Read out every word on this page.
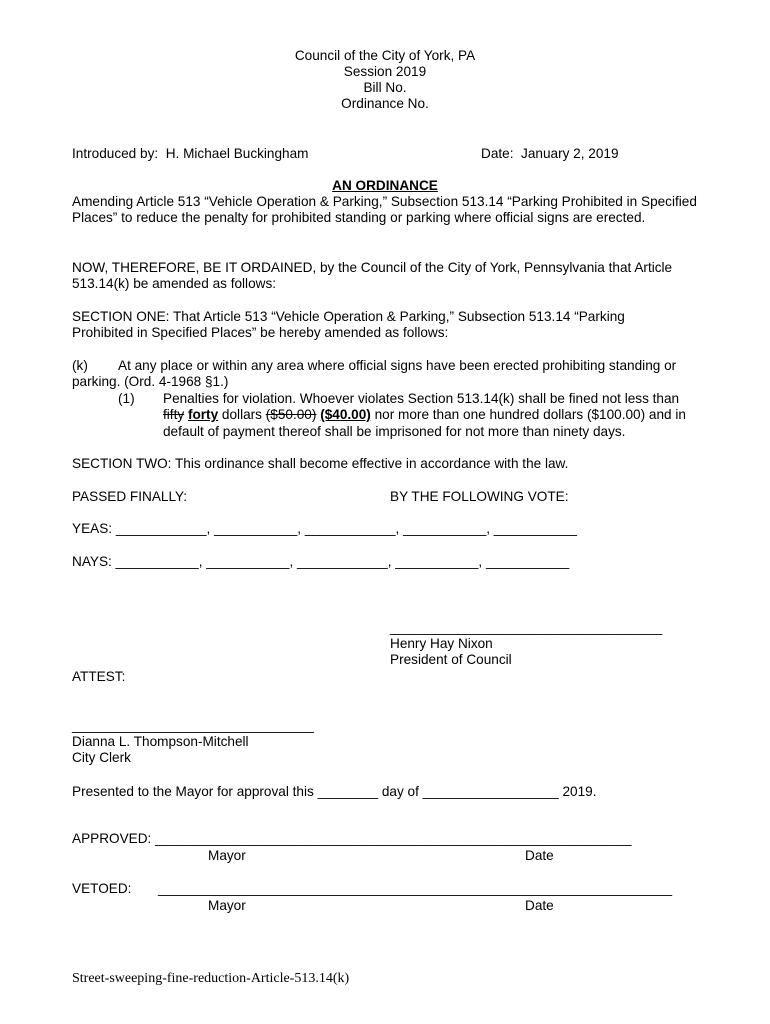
Council of the City of York, PA
Session 2019
Bill No.
Ordinance No.
Introduced by:  H. Michael Buckingham	Date:  January 2, 2019
AN ORDINANCE
Amending Article 513 “Vehicle Operation & Parking,” Subsection 513.14 “Parking Prohibited in Specified Places” to reduce the penalty for prohibited standing or parking where official signs are erected.
NOW, THEREFORE, BE IT ORDAINED, by the Council of the City of York, Pennsylvania that Article 513.14(k) be amended as follows:
SECTION ONE: That Article 513 “Vehicle Operation & Parking,” Subsection 513.14 “Parking Prohibited in Specified Places” be hereby amended as follows:
(k) At any place or within any area where official signs have been erected prohibiting standing or
parking. (Ord. 4-1968 §1.)
(1) Penalties for violation. Whoever violates Section 513.14(k) shall be fined not less than
fifty forty dollars ($50.00) ($40.00) nor more than one hundred dollars ($100.00) and in
default of payment thereof shall be imprisoned for not more than ninety days.
SECTION TWO: This ordinance shall become effective in accordance with the law.
PASSED FINALLY:	BY THE FOLLOWING VOTE:
YEAS: ____________, ___________, ____________, ___________, ___________
NAYS: ___________, ___________, ____________, ___________, ___________
____________________________________
Henry Hay Nixon
President of Council
ATTEST:
________________________________
Dianna L. Thompson-Mitchell
City Clerk
Presented to the Mayor for approval this ________ day of __________________ 2019.
APPROVED: _______________________________________________________________
Mayor	Date
VETOED: ____________________________________________________________________
Mayor	Date
Street-sweeping-fine-reduction-Article-513.14(k)
